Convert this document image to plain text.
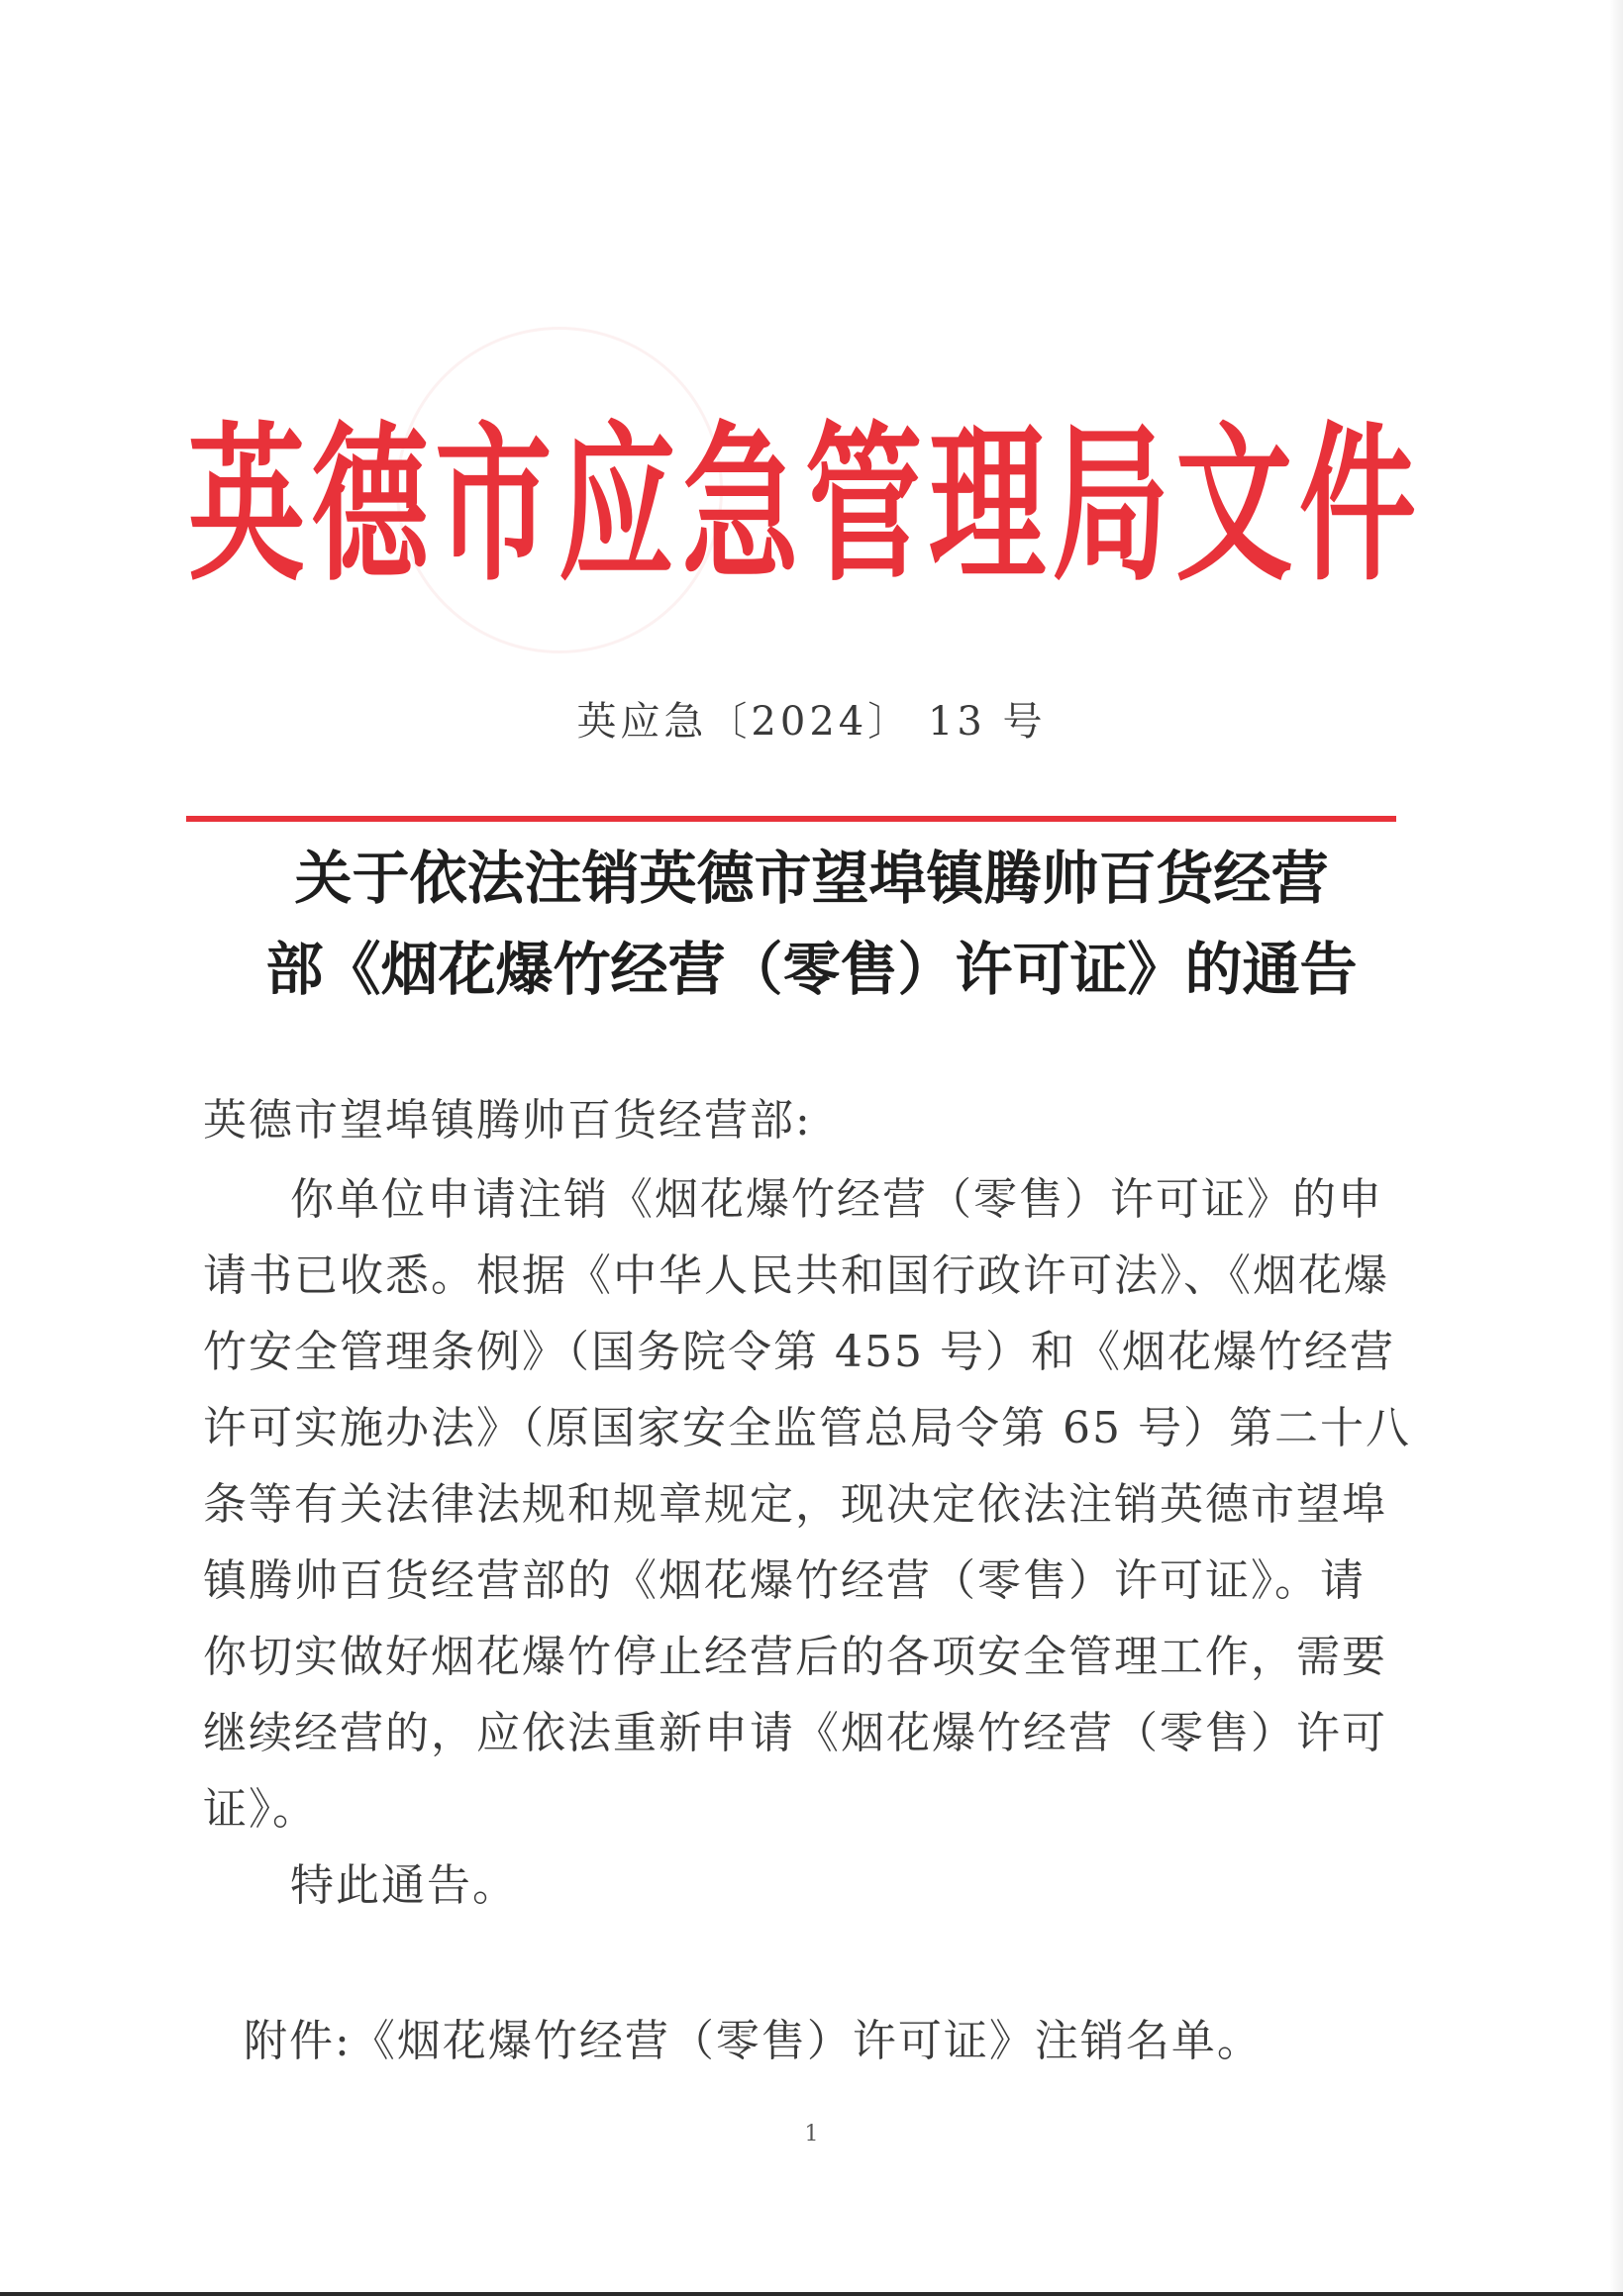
英 德 市 应 急 管 理 局 文 件
英应急〔2024〕 13 号
关于依法注销英德市望埠镇腾帅百货经营
部《烟花爆竹经营（零售）许可证》的通告
英德市望埠镇腾帅百货经营部:
你单位申请注销《烟花爆竹经营（零售）许可证》的申
请书已收悉。根据《中华人民共和国行政许可法》、《烟花爆
竹安全管理条例》（国务院令第 455 号）和《烟花爆竹经营
许可实施办法》（原国家安全监管总局令第 65 号）第二十八
条等有关法律法规和规章规定，现决定依法注销英德市望埠
镇腾帅百货经营部的《烟花爆竹经营（零售）许可证》。请
你切实做好烟花爆竹停止经营后的各项安全管理工作，需要
继续经营的，应依法重新申请《烟花爆竹经营（零售）许可
证》。
特此通告。
附件:《烟花爆竹经营（零售）许可证》注销名单。
1
